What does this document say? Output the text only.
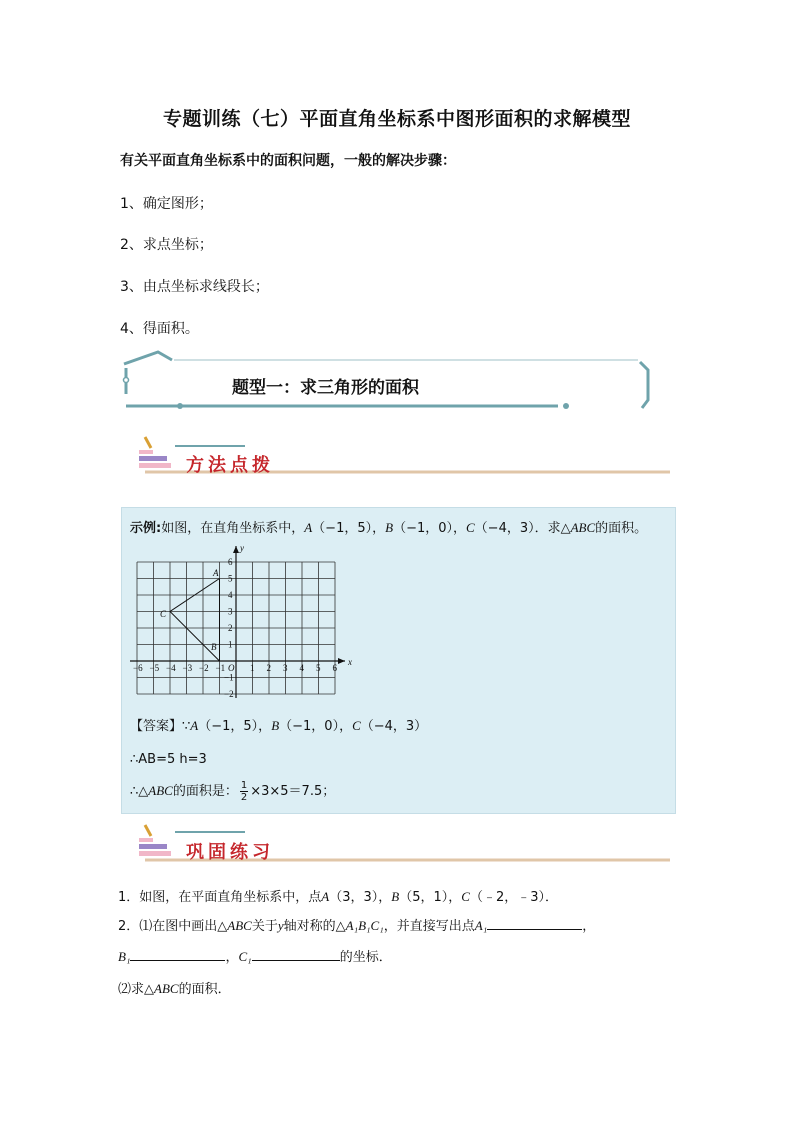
专题训练（七）平面直角坐标系中图形面积的求解模型
有关平面直角坐标系中的面积问题，一般的解决步骤：
1、确定图形；
2、求点坐标；
3、由点坐标求线段长；
4、得面积。
题型一：求三角形的面积
方法点拨
示例:如图，在直角坐标系中，A（−1，5），B（−1，0），C（−4，3）．求△ABC的面积。
x
y
O
−6 −5 −4 −3 −2 −1	1 2 3 4 5 6
6
5
4
3
2
1
−1
−2
A
B
C
【答案】∵A（−1，5），B（−1，0），C（−4，3）
∴AB=5 h=3
∴△ABC的面积是： $\frac{1}{2} \times 3\times 5=7.5$；
巩固练习
1．如图，在平面直角坐标系中，点A（3，3），B（5，1），C（﹣2，﹣3）．
2．⑴在图中画出△ABC关于y轴对称的△A₁B₁C₁，并直接写出点A₁	，
B₁	，C₁	的坐标．
⑵求△ABC的面积．
